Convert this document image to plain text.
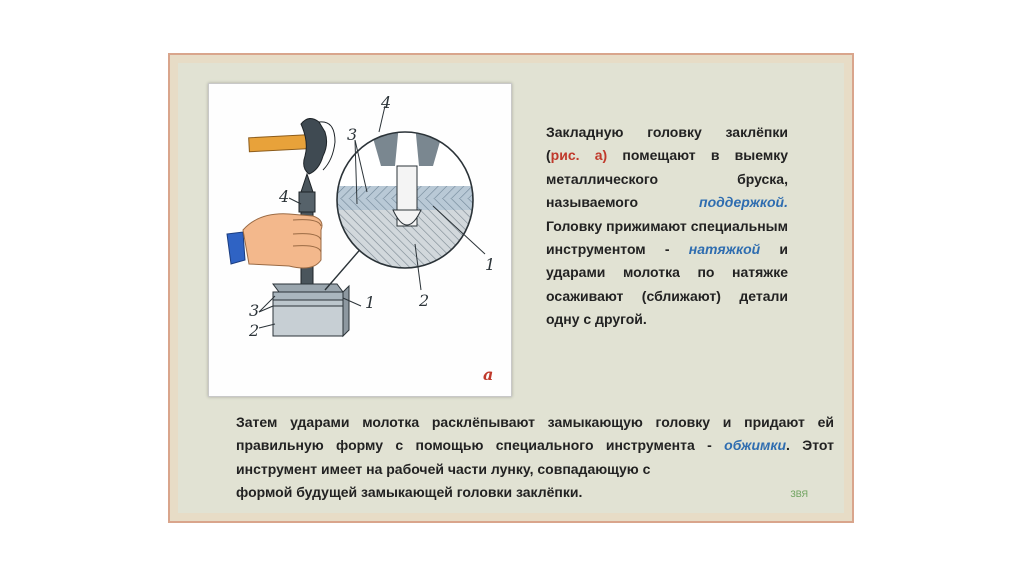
4
3
1
2
4
3
2
1
а
Закладную головку заклёпки
(рис. а) помещают в выемку
металлического бруска,
называемого поддержкой.
Головку прижимают специальным
инструментом - натяжкой и
ударами молотка по натяжке
осаживают (сближают) детали
одну с другой.
Затем ударами молотка расклёпывают замыкающую головку и придают ей правильную форму с помощью специального инструмента - обжимки. Этот инструмент имеет на рабочей части лунку, совпадающую с
формой будущей замыкающей головки заклёпки.	ЗВЯ
